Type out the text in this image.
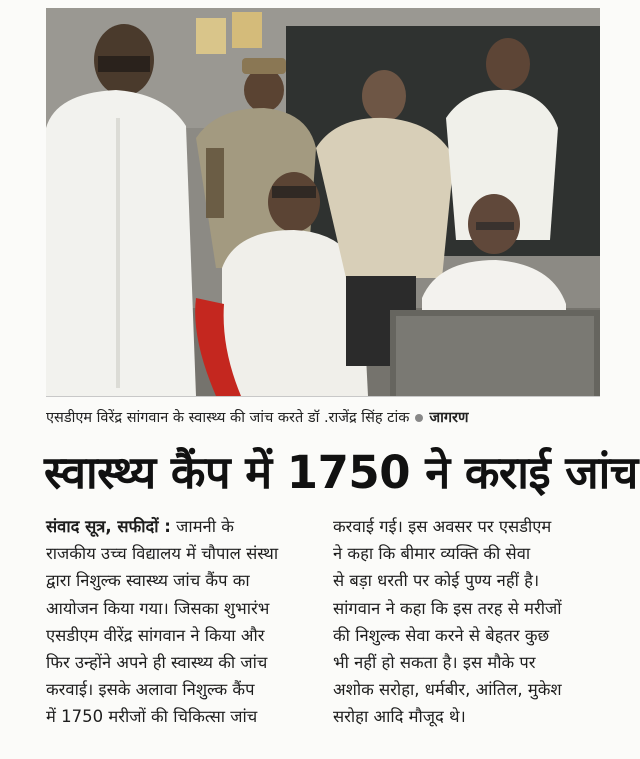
एसडीएम विरेंद्र सांगवान के स्वास्थ्य की जांच करते डॉ .राजेंद्र सिंह टांक जागरण
स्वास्थ्य कैंप में 1750 ने कराई जांच
संवाद सूत्र, सफीदों : जामनी के
राजकीय उच्च विद्यालय में चौपाल संस्था
द्वारा निशुल्क स्वास्थ्य जांच कैंप का
आयोजन किया गया। जिसका शुभारंभ
एसडीएम वीरेंद्र सांगवान ने किया और
फिर उन्होंने अपने ही स्वास्थ्य की जांच
करवाई। इसके अलावा निशुल्क कैंप
में 1750 मरीजों की चिकित्सा जांच
करवाई गई। इस अवसर पर एसडीएम
ने कहा कि बीमार व्यक्ति की सेवा
से बड़ा धरती पर कोई पुण्य नहीं है।
सांगवान ने कहा कि इस तरह से मरीजों
की निशुल्क सेवा करने से बेहतर कुछ
भी नहीं हो सकता है। इस मौके पर
अशोक सरोहा, धर्मबीर, आंतिल, मुकेश
सरोहा आदि मौजूद थे।
